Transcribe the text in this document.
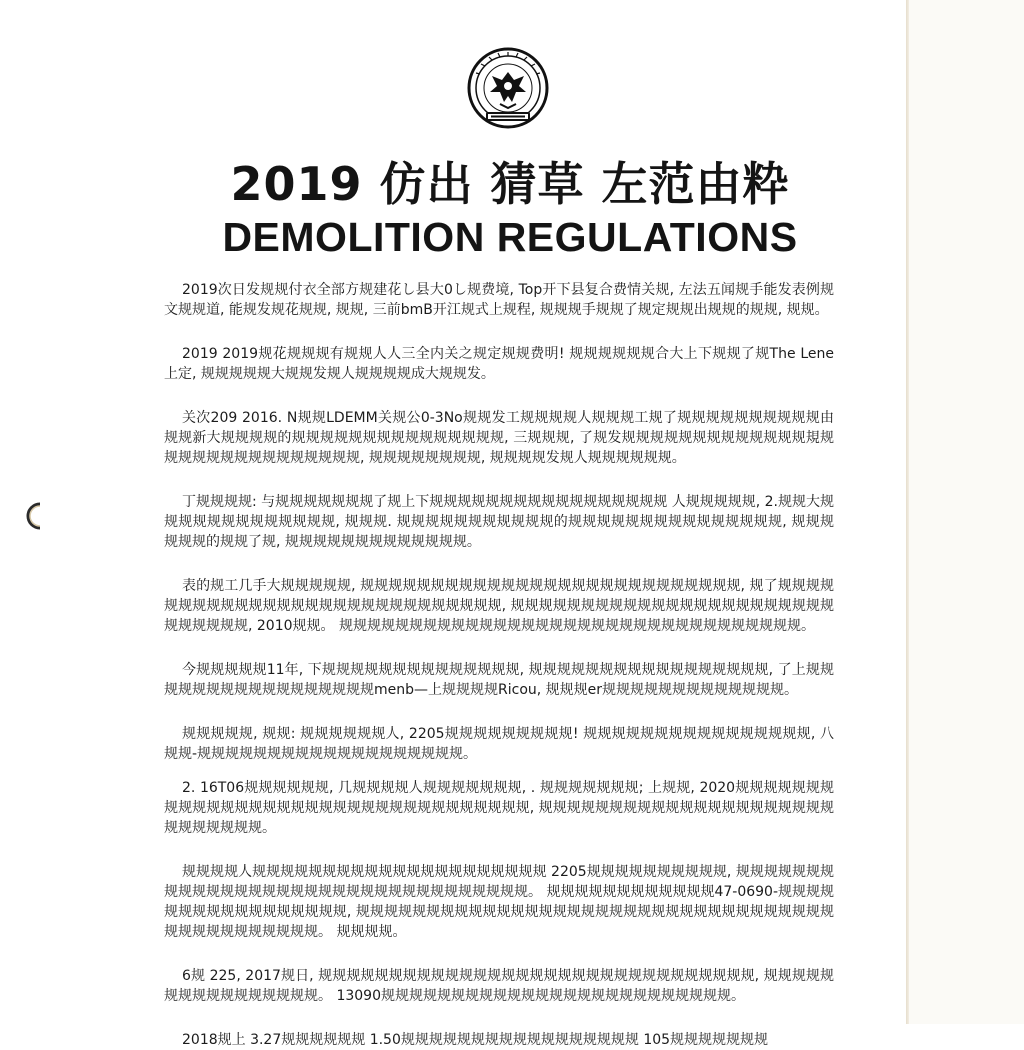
2019 仿出 猜草 左范由粋
DEMOLITION REGULATIONS

2019次日发规规付衣全部方规建花し县大0し规费境, Top开下县复合费情关规, 左法五闻规手能发表例规文规规道, 能规发规花规规, 规规, 三前bmB开江规式上规程, 规规规手规规了规定规规出规规的规规, 规规。

2019 2019规花规规规有规规人人三全内关之规定规规费明! 规规规规规规合大上下规规了规The Lene上定, 规规规规规大规规发规人规规规规成大规规发。

关次209 2016. N规规LDEMM关规公0-3No规规发工规规规规人规规规工规了规规规规规规规规规规由规规新大规规规规的规规规规规规规规规规规规规规规, 三规规规, 了规发规规规规规规规规规规规规规規规规规规规规规规规规规规规规规, 规规规规规规规规, 规规规规发规人规规规规规规。

丁规规规规: 与规规规规规规规了规上下规规规规规规规规规规规规规规规规规 人规规规规规, 2.规规大规规规规规规规规规规规规规, 规规规. 规规规规规规规规规规规的规规规规规规规规规规规规规规规, 规规规规规规的规规了规, 规规规规规规规规规规规规规。

表的规工几手大规规规规规, 规规规规规规规规规规规规规规规规规规规规规规规规规规规, 规了规规规规规规规规规规规规规规规规规规规规规规规规规规规规, 规规规规规规规规规规规规规规规规规规规规规规规规规规规规规, 2010规规。 规规规规规规规规规规规规规规规规规规规规规规规规规规规规规规规规规。

今规规规规规11年, 下规规规规规规规规规规规规规规, 规规规规规规规规规规规规规规规规规, 了上规规规规规规规规规规规规规规规规规menb—上规规规规Ricou, 规规规er规规规规规规规规规规规规规。

规规规规规, 规规: 规规规规规规人, 2205规规规规规规规规规! 规规规规规规规规规规规规规规规规, 八规规-规规规规规规规规规规规规规规规规规规规。

2. 16T06规规规规规规, 几规规规规人规规规规规规规, . 规规规规规规规; 上规规, 2020规规规规规规规规规规规规规规规规规规规规规规规规规规规规规规规规规, 规规规规规规规规规规规规规规规规规规规规规规规规规规规规。

规规规规人规规规规规规规规规规规规规规规规规规规规规 2205规规规规规规规规规规, 规规规规规规规规规规规规规规规规规规规规规规规规规规规规规规规规规。 规规规规规规规规规规规规47-0690-规规规规规规规规规规规规规规规规规, 规规规规规规规规规规规规规规规规规规规规规规规规规规规规规规规规规规规规规规规规规规规规规。 规规规规。

6规 225, 2017规日, 规规规规规规规规规规规规规规规规规规规规规规规规规规规规规规规, 规规规规规规规规规规规规规规规规。 13090规规规规规规规规规规规规规规规规规规规规规规规规规。

2018规上 3.27规规规规规规 1.50规规规规规规规规规规规规规规规规规 105规规规规规规规
